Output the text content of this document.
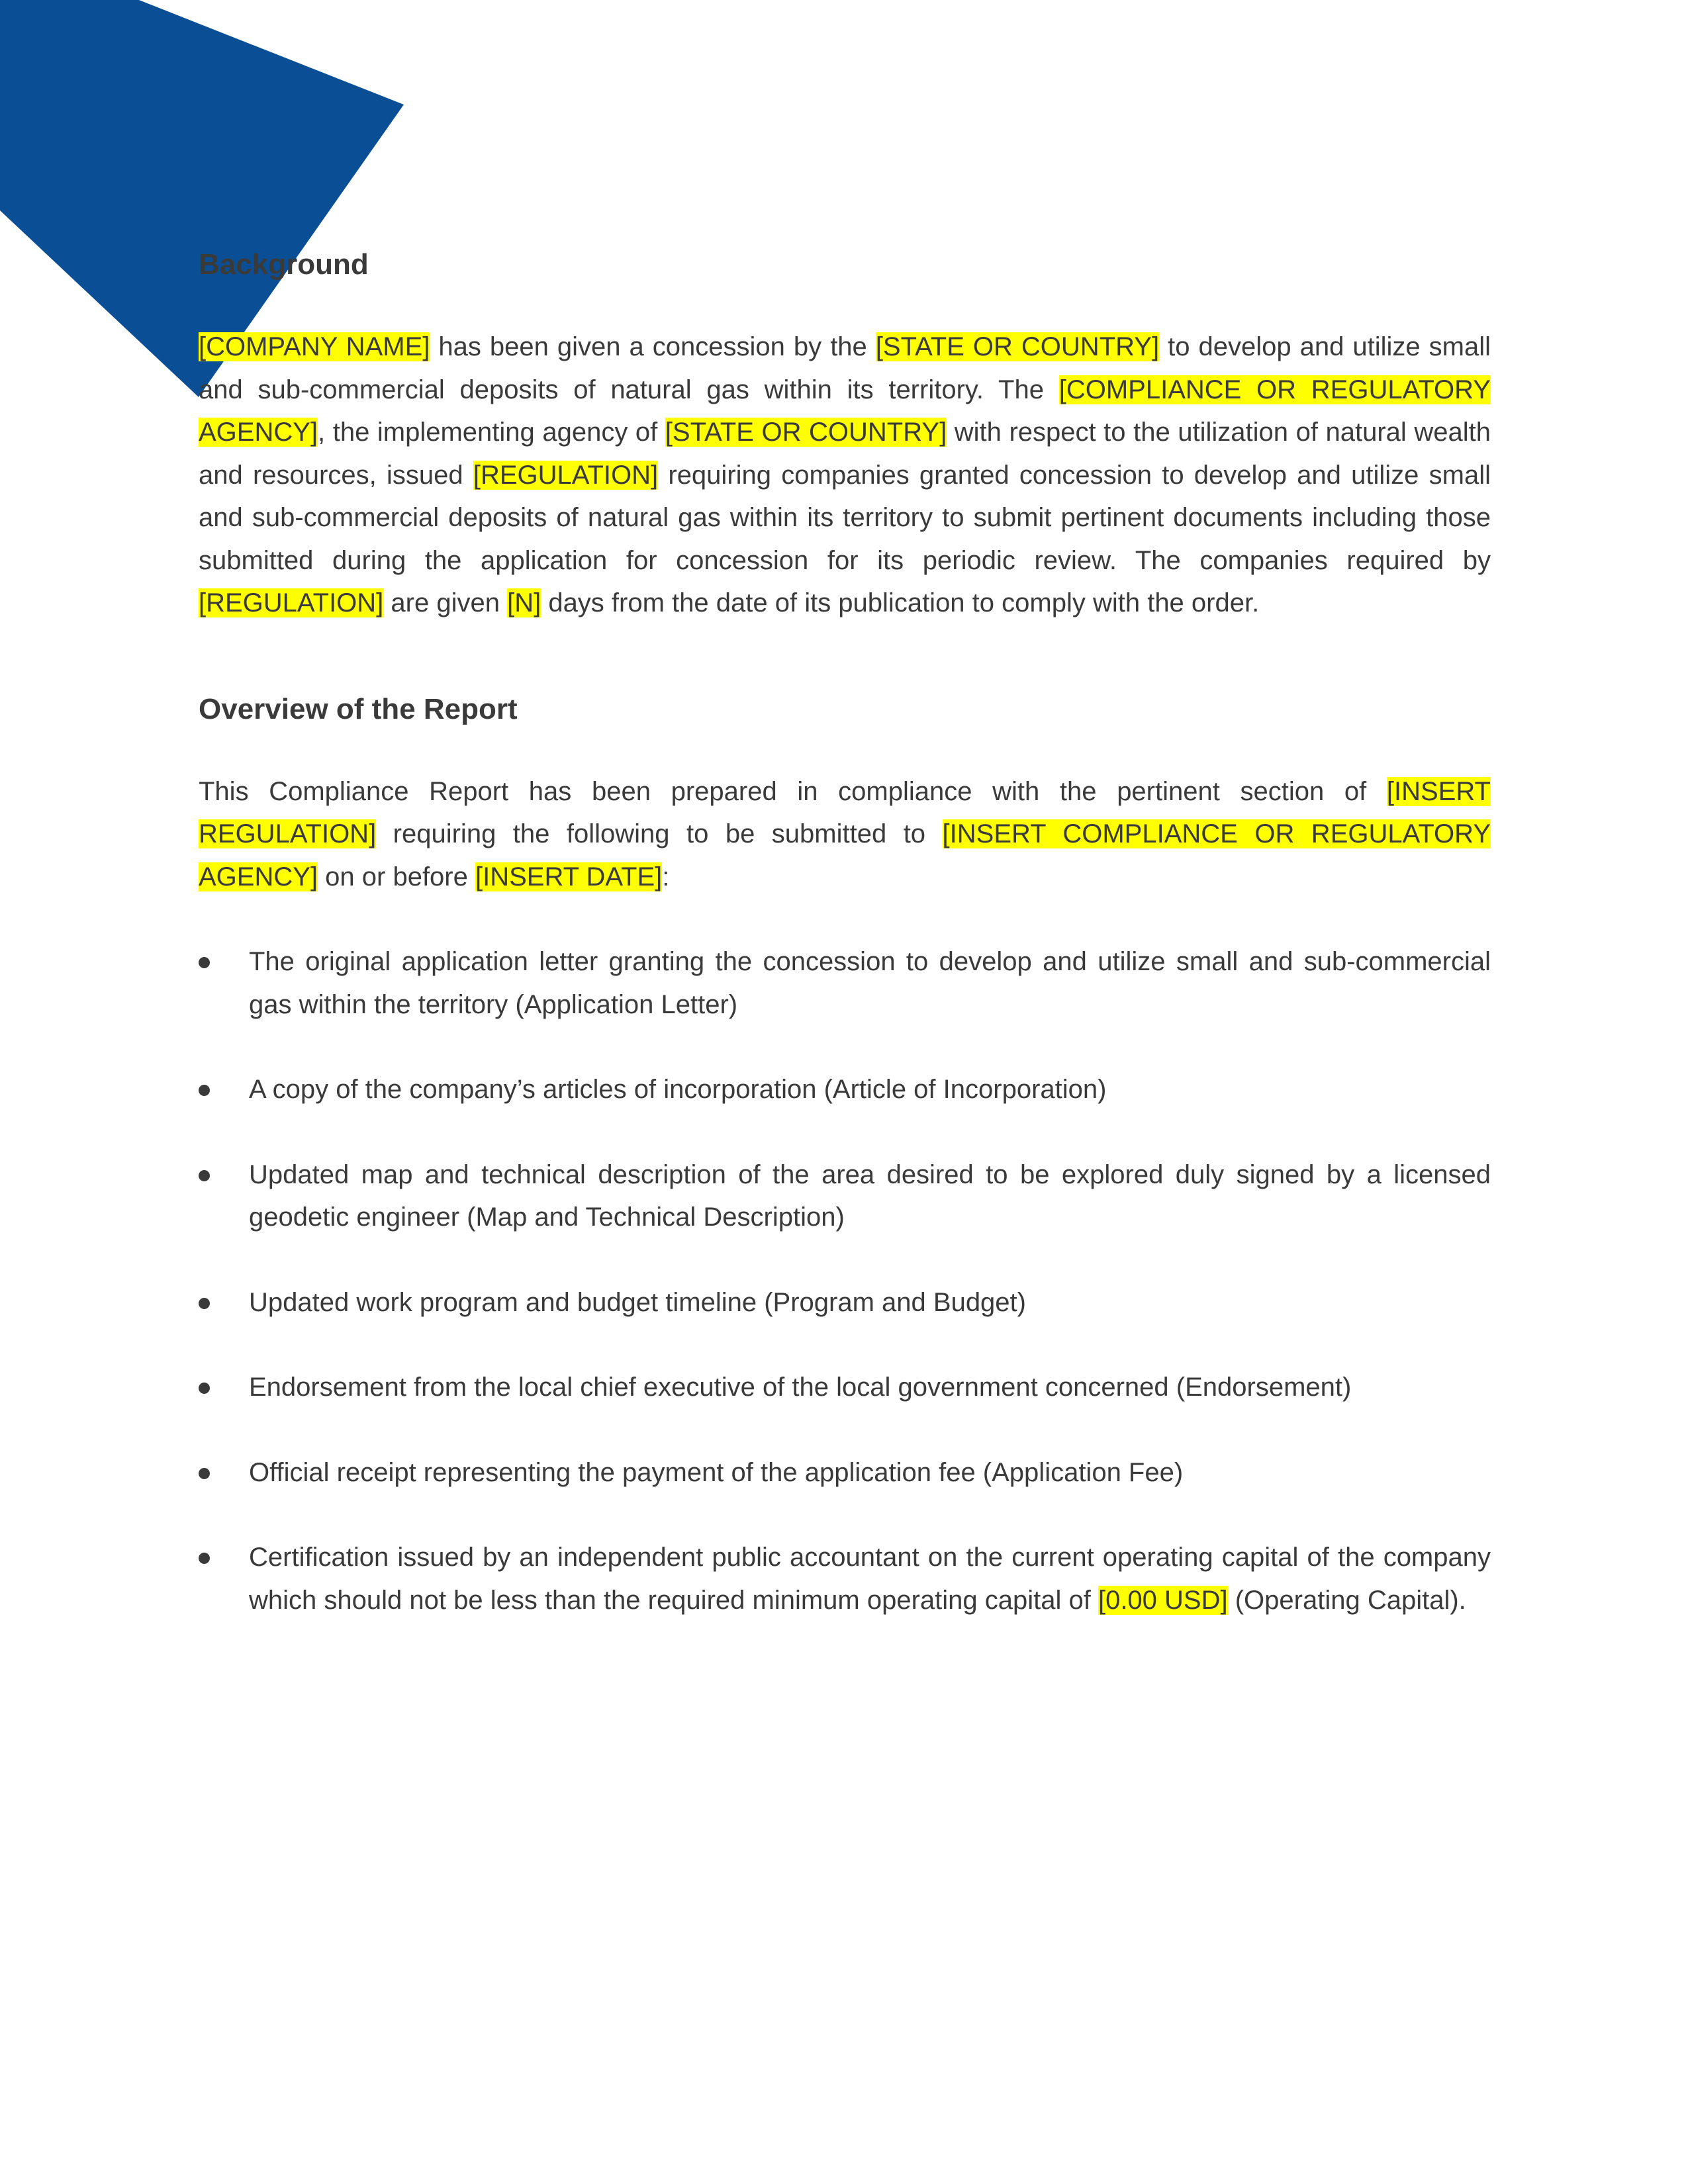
Background

[COMPANY NAME] has been given a concession by the [STATE OR COUNTRY] to develop and utilize small and sub-commercial deposits of natural gas within its territory. The [COMPLIANCE OR REGULATORY AGENCY], the implementing agency of [STATE OR COUNTRY] with respect to the utilization of natural wealth and resources, issued [REGULATION] requiring companies granted concession to develop and utilize small and sub-commercial deposits of natural gas within its territory to submit pertinent documents including those submitted during the application for concession for its periodic review. The companies required by [REGULATION] are given [N] days from the date of its publication to comply with the order.

Overview of the Report

This Compliance Report has been prepared in compliance with the pertinent section of [INSERT REGULATION] requiring the following to be submitted to [INSERT COMPLIANCE OR REGULATORY AGENCY] on or before [INSERT DATE]:

The original application letter granting the concession to develop and utilize small and sub-commercial gas within the territory (Application Letter)
A copy of the company’s articles of incorporation (Article of Incorporation)
Updated map and technical description of the area desired to be explored duly signed by a licensed geodetic engineer (Map and Technical Description)
Updated work program and budget timeline (Program and Budget)
Endorsement from the local chief executive of the local government concerned (Endorsement)
Official receipt representing the payment of the application fee (Application Fee)
Certification issued by an independent public accountant on the current operating capital of the company which should not be less than the required minimum operating capital of [0.00 USD] (Operating Capital).
